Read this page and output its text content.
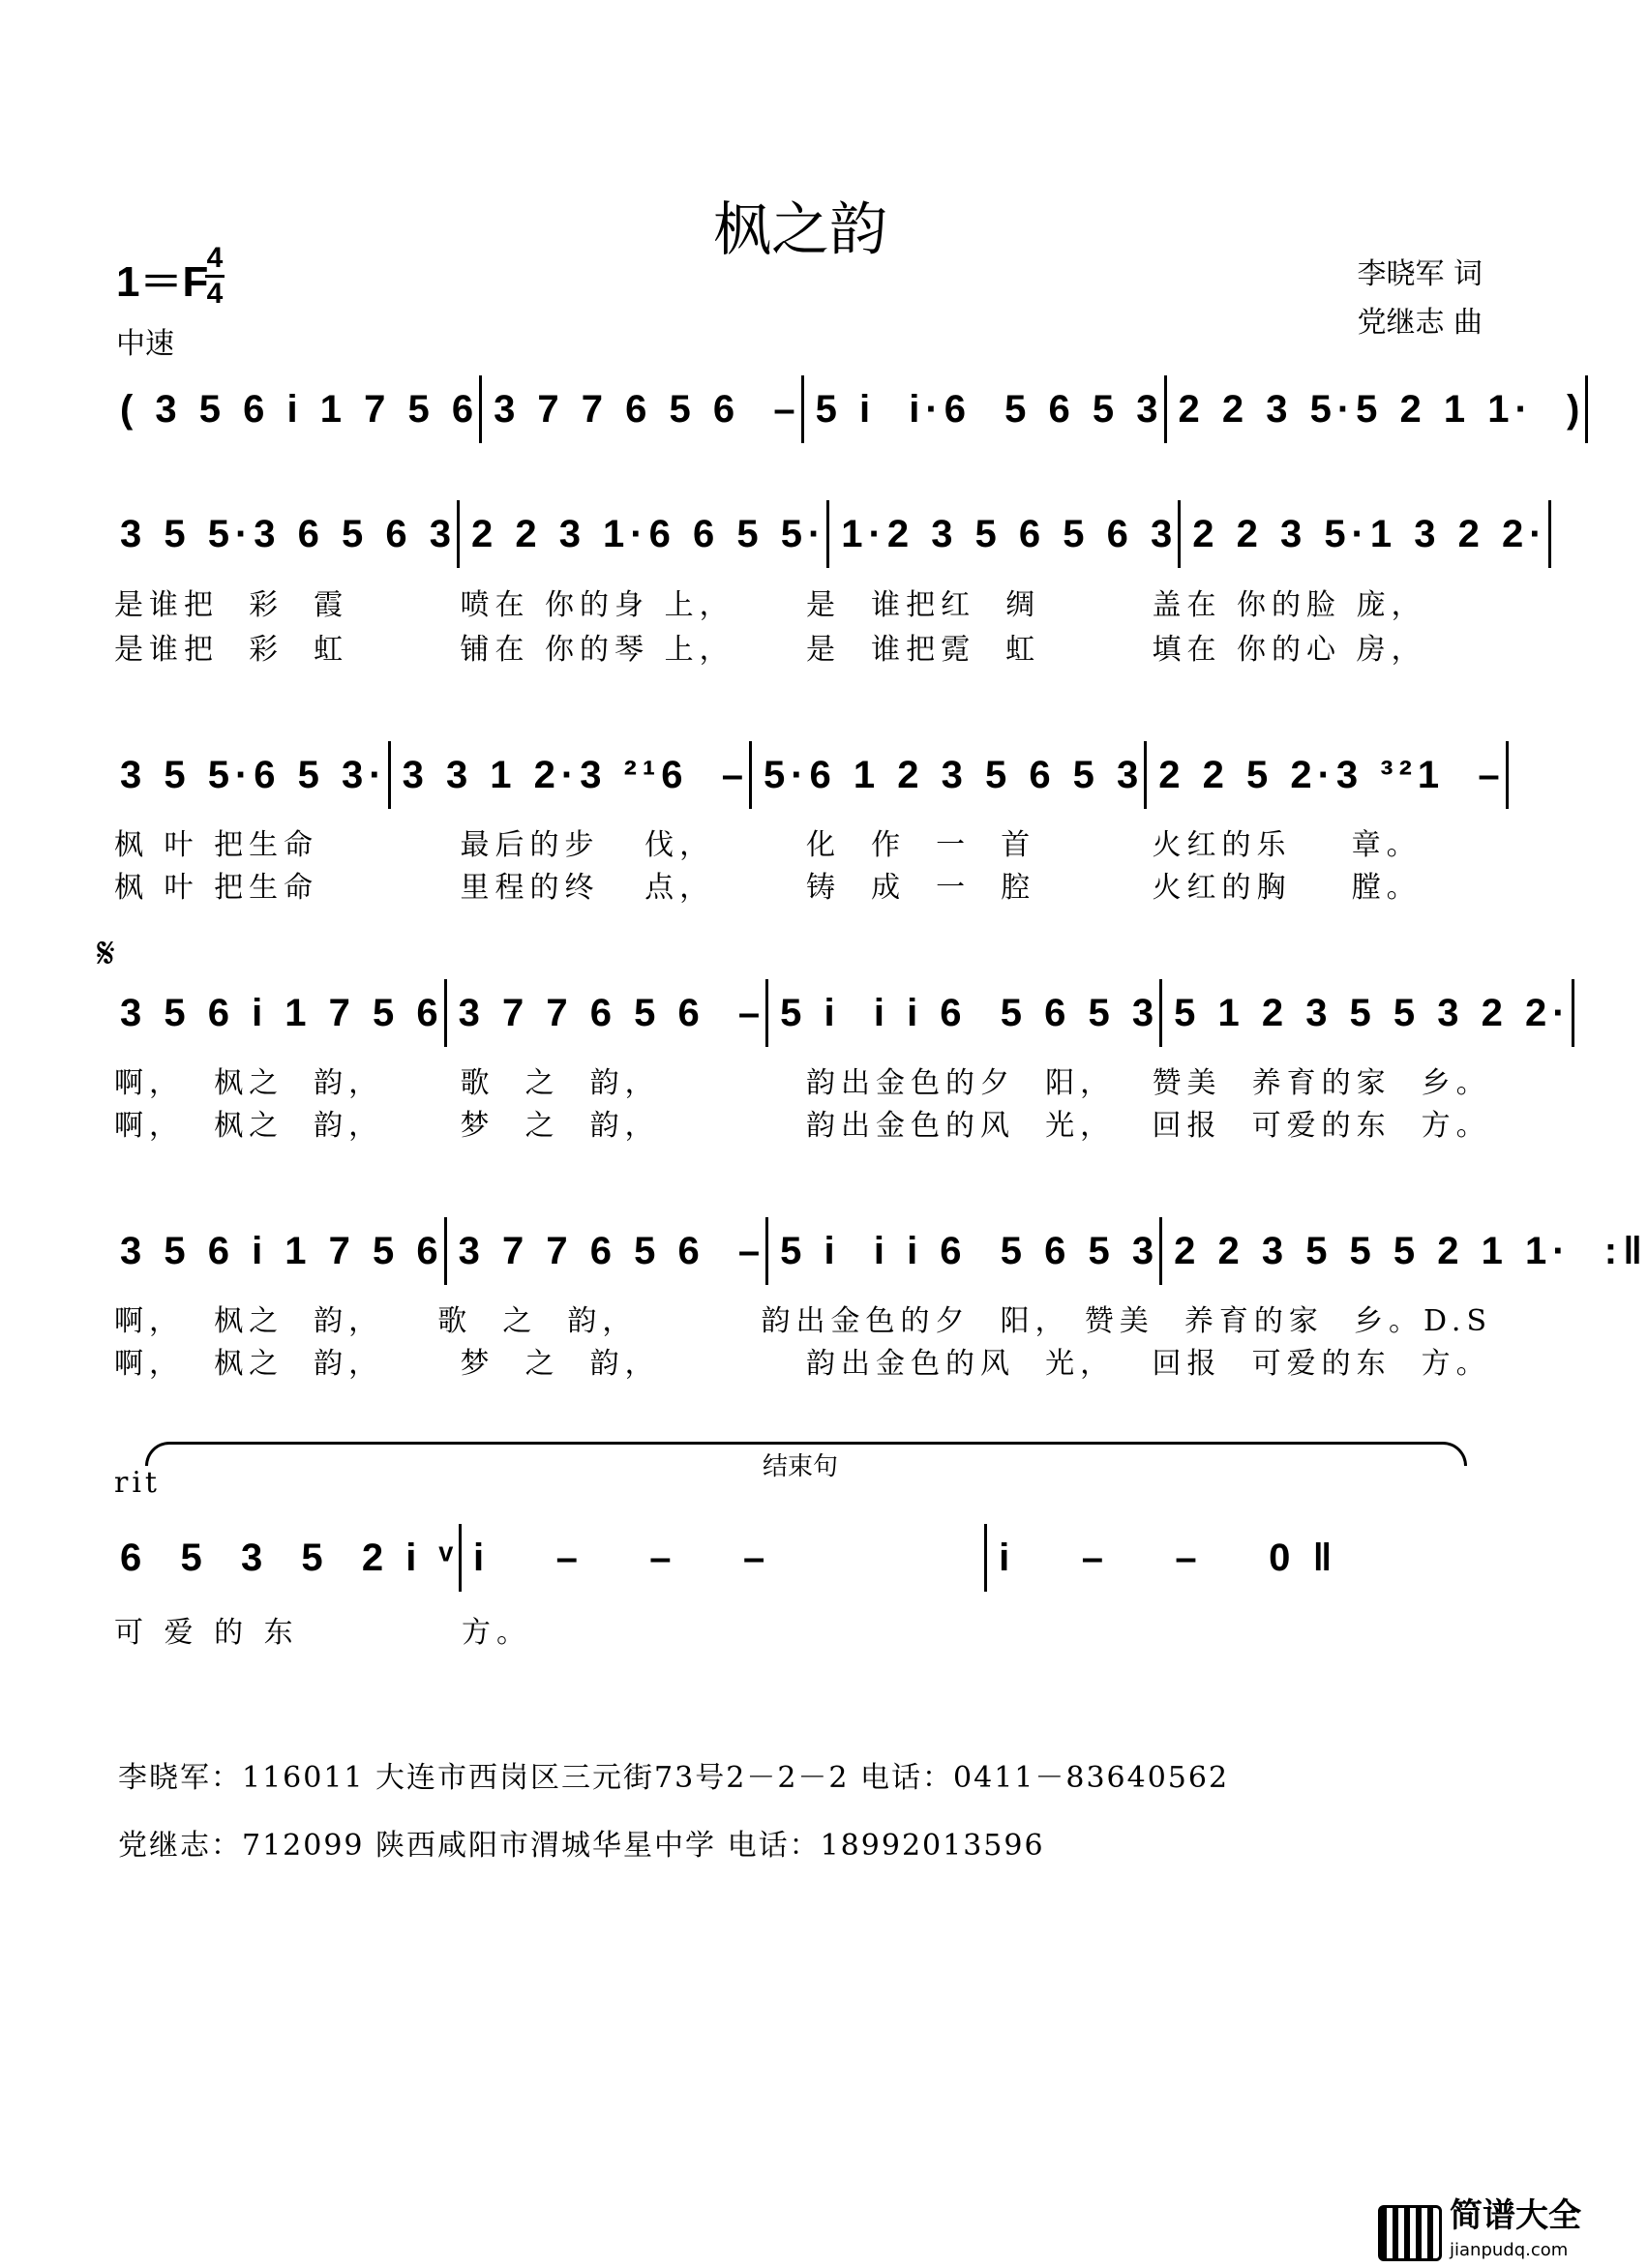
枫之韵
1＝F
4
4
中速
李晓军 词
党继志 曲
( 3 5 6 i 1 7 5 6 3 7 7 6 5 6  – 5 i  i·6  5 6 5 3 2 2 3 5·5 2 1 1·  )
3 5 5·3 6 5 6 3 2 2 3 1·6 6 5 5· 1·2 3 5 6 5 6 3 2 2 3 5·1 3 2 2·
是谁把  彩  霞	喷在 你的身 上，	是  谁把红  绸	盖在 你的脸 庞，
是谁把  彩  虹	铺在 你的琴 上，	是  谁把霓  虹	填在 你的心 房，
3 5 5·6 5 3· 3 3 1 2·3 ²¹6  – 5·6 1 2 3 5 6 5 3 2 2 5 2·3 ³²1  –
枫 叶 把生命	最后的步   伐，	化  作  一  首	火红的乐    章。
枫 叶 把生命	里程的终   点，	铸  成  一  腔	火红的胸    膛。
𝄋
3 5 6 i 1 7 5 6 3 7 7 6 5 6  – 5 i  i i 6  5 6 5 3 5 1 2 3 5 5 3 2 2·
啊，  枫之  韵，	歌  之  韵，	韵出金色的夕  阳，	赞美  养育的家  乡。
啊，  枫之  韵，	梦  之  韵，	韵出金色的风  光，	回报  可爱的东  方。
3 5 6 i 1 7 5 6 3 7 7 6 5 6  – 5 i  i i 6  5 6 5 3 2 2 3 5 5 5 2 1 1·  :‖
啊，  枫之  韵，	歌  之  韵，	韵出金色的夕  阳， 赞美  养育的家  乡。D.S
啊，  枫之  韵，	梦  之  韵，	韵出金色的风  光，	回报  可爱的东  方。
结束句
rit
6  5  3  5  2 i ᵛ i    –    –    –	i    –    –    0 ‖
可 爱 的 东	方。
李晓军：116011 大连市西岗区三元街73号2－2－2 电话：0411－83640562
党继志：712099 陕西咸阳市渭城华星中学 电话：18992013596
简谱大全
jianpudq.com
